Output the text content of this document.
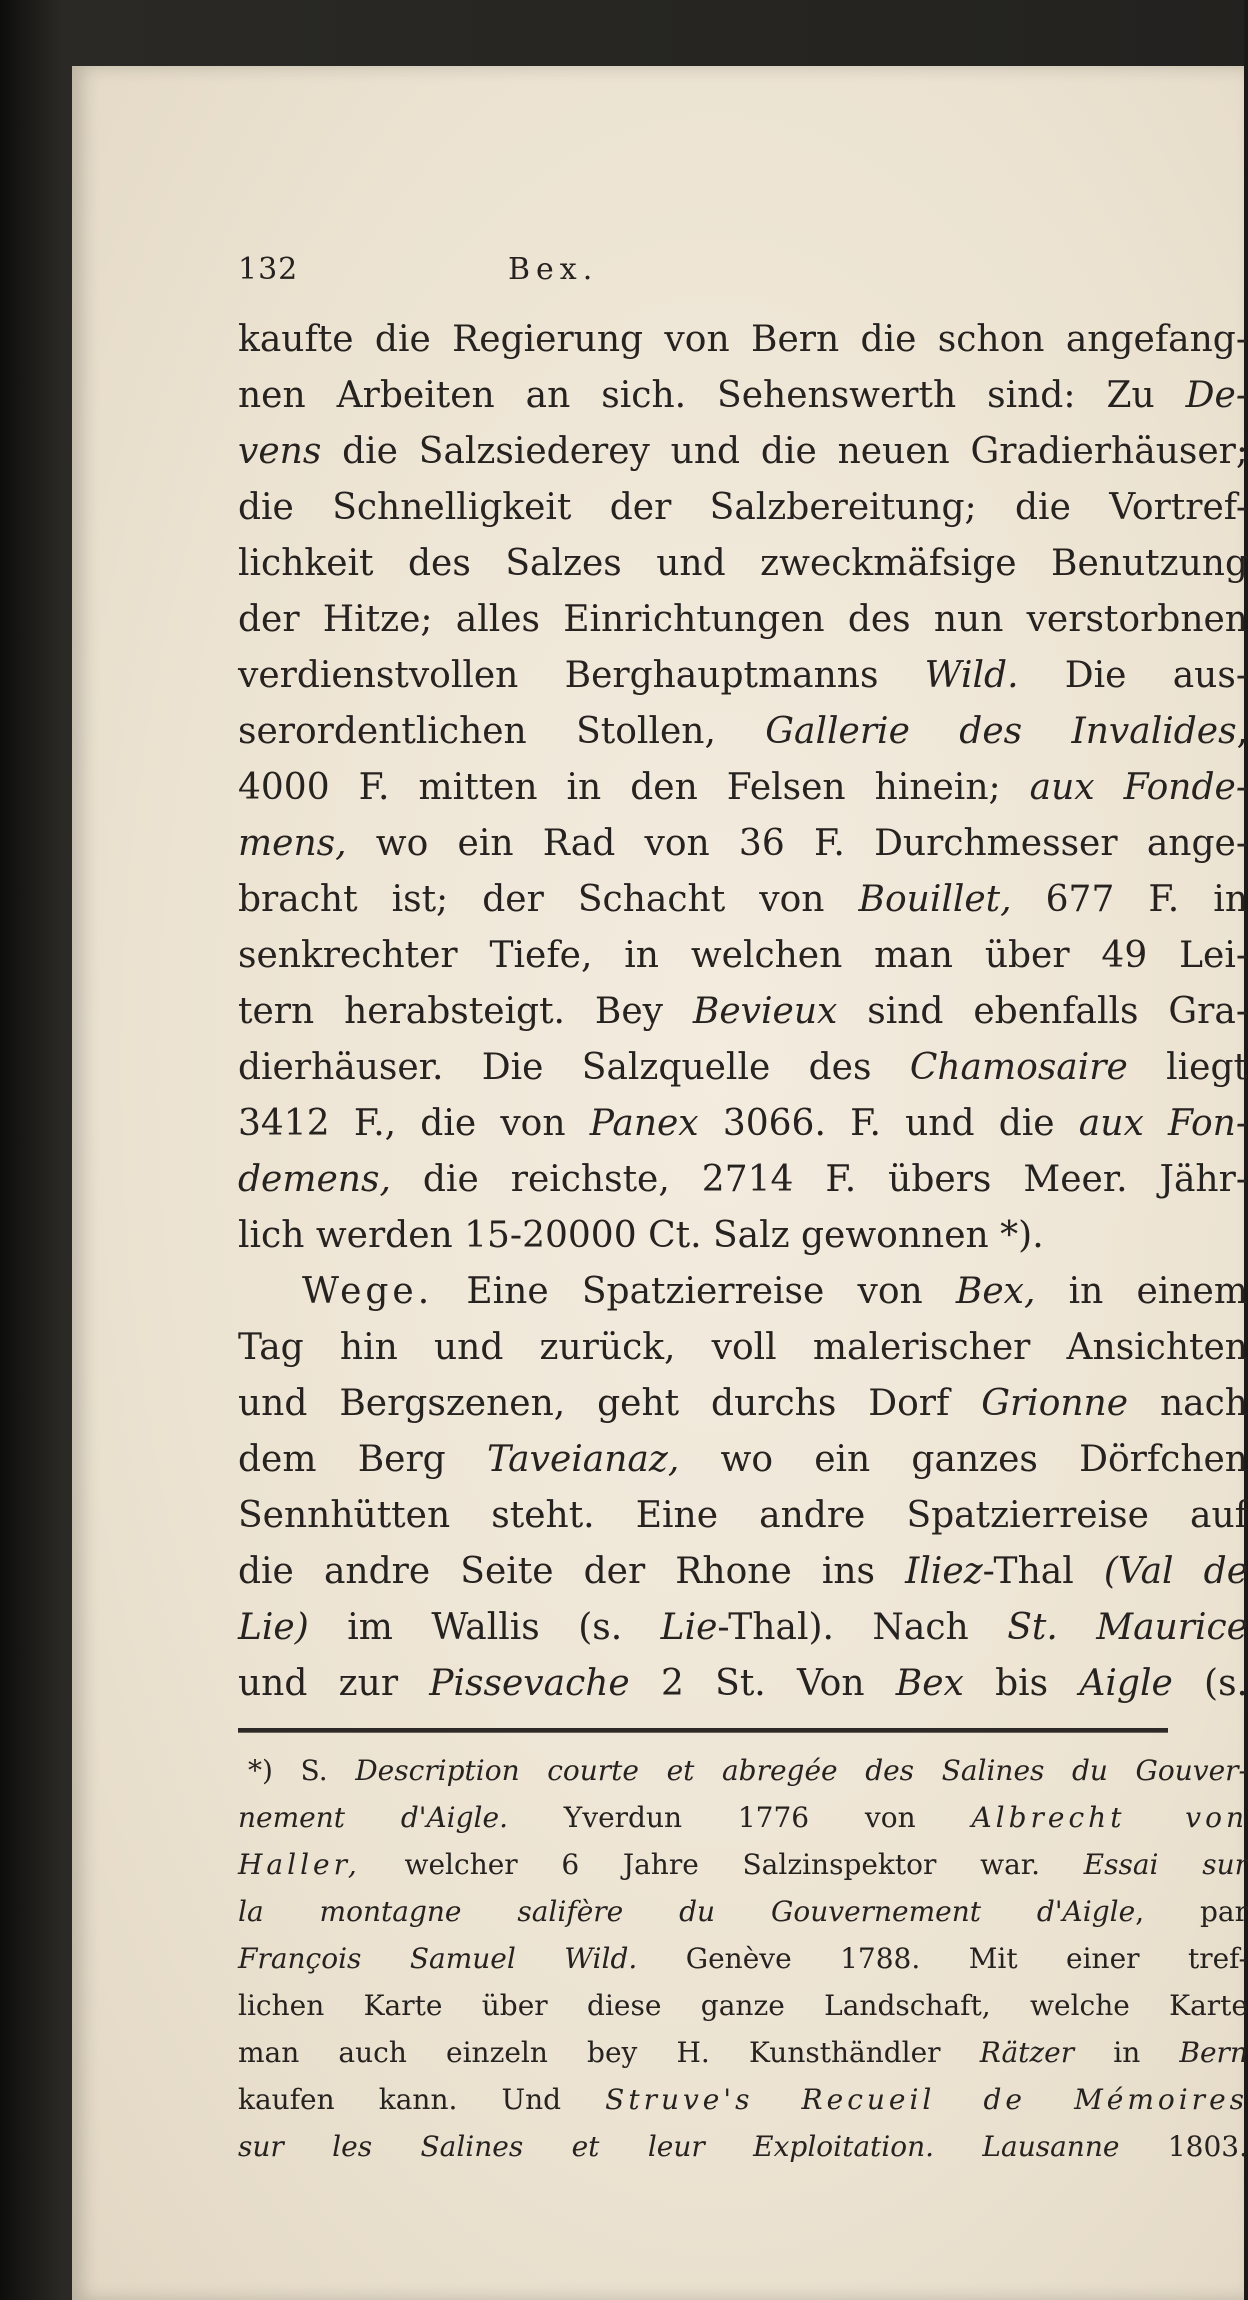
132	Bex.
kaufte die Regierung von Bern die schon angefang-
nen Arbeiten an sich. Sehenswerth sind: Zu De-
vens die Salzsiederey und die neuen Gradierhäuser;
die Schnelligkeit der Salzbereitung; die Vortref-
lichkeit des Salzes und zweckmäfsige Benutzung
der Hitze; alles Einrichtungen des nun verstorbnen
verdienstvollen Berghauptmanns Wild. Die aus-
serordentlichen Stollen, Gallerie des Invalides,
4000 F. mitten in den Felsen hinein; aux Fonde-
mens, wo ein Rad von 36 F. Durchmesser ange-
bracht ist; der Schacht von Bouillet, 677 F. in
senkrechter Tiefe, in welchen man über 49 Lei-
tern herabsteigt. Bey Bevieux sind ebenfalls Gra-
dierhäuser. Die Salzquelle des Chamosaire liegt
3412 F., die von Panex 3066. F. und die aux Fon-
demens, die reichste, 2714 F. übers Meer. Jähr-
lich werden 15-20000 Ct. Salz gewonnen *).
Wege. Eine Spatzierreise von Bex, in einem
Tag hin und zurück, voll malerischer Ansichten
und Bergszenen, geht durchs Dorf Grionne nach
dem Berg Taveianaz, wo ein ganzes Dörfchen
Sennhütten steht. Eine andre Spatzierreise auf
die andre Seite der Rhone ins Iliez-Thal (Val de
Lie) im Wallis (s. Lie-Thal). Nach St. Maurice
und zur Pissevache 2 St. Von Bex bis Aigle (s.
*) S. Description courte et abregée des Salines du Gouver-
nement d'Aigle. Yverdun 1776 von Albrecht von
Haller, welcher 6 Jahre Salzinspektor war. Essai sur
la montagne salifère du Gouvernement d'Aigle, par
François Samuel Wild. Genève 1788. Mit einer tref-
lichen Karte über diese ganze Landschaft, welche Karte
man auch einzeln bey H. Kunsthändler Rätzer in Bern
kaufen kann. Und Struve's Recueil de Mémoires
sur les Salines et leur Exploitation. Lausanne 1803.
